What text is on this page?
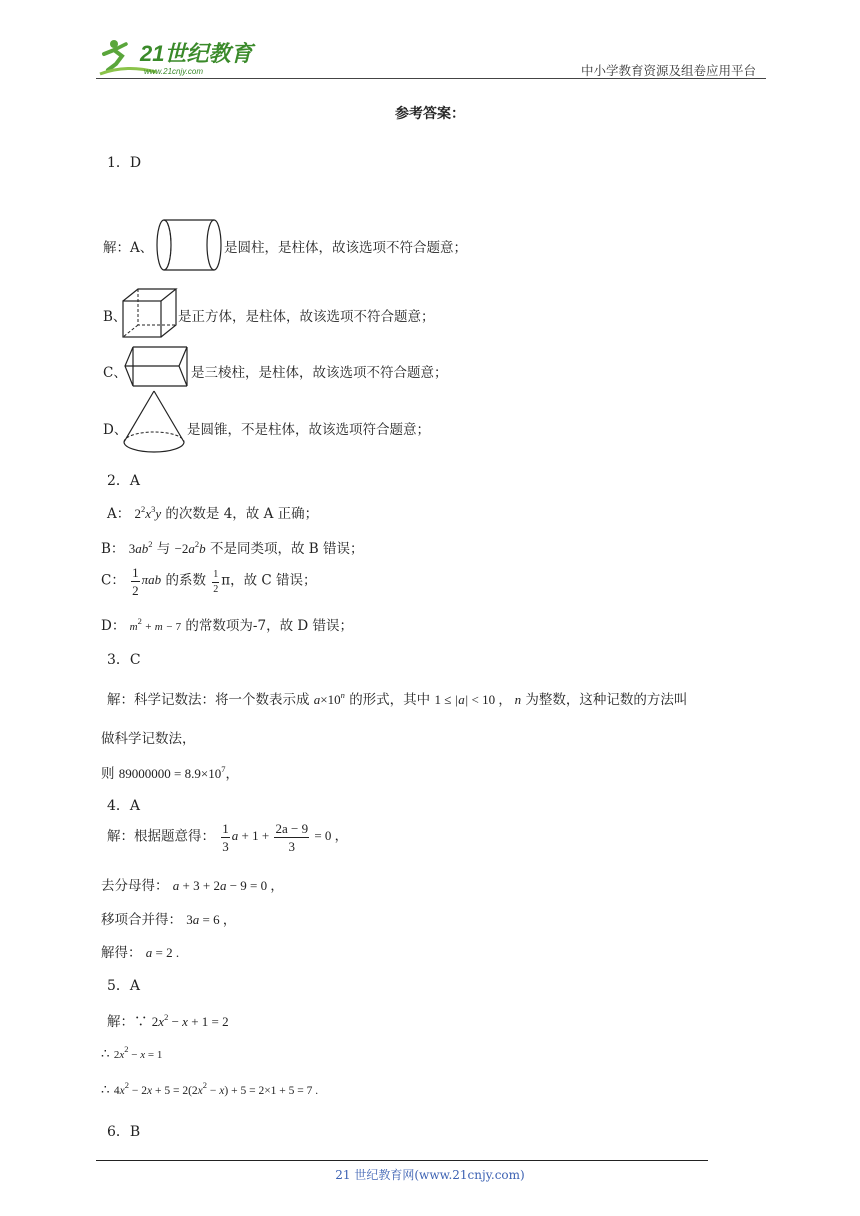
21世纪教育
www.21cnjy.com	中小学教育资源及组卷应用平台
参考答案：
1．D
解：A、	是圆柱，是柱体，故该选项不符合题意；
B、	是正方体，是柱体，故该选项不符合题意；
C、	是三棱柱，是柱体，故该选项不符合题意；
D、	是圆锥，不是柱体，故该选项符合题意；
2．A
A： $2^2x^3y$ 的次数是 4，故 A 正确；
B： $3ab^2$ 与 $-2a^2b$ 不是同类项，故 B 错误；
C： $\frac{1}{2}$ πab 的系数 $\frac{1}{2}$ π，故 C 错误；
D： $m^2 + m - 7$ 的常数项为-7，故 D 错误；
3．C
解：科学记数法：将一个数表示成 $a\times 10^n$ 的形式，其中 1 ≤ |a| < 10 ， n 为整数，这种记数的方法叫
做科学记数法，
则 $89000000 = 8.9\times 10^7$，
4．A
解：根据题意得： $\frac{1}{3}$ $a + 1 + \frac{2a - 9}{3} = 0$ ，
去分母得： a + 3 + 2a − 9 = 0 ，
移项合并得： 3a = 6 ，
解得： a = 2 .
5．A
解：∵ $2x^2 - x + 1 = 2$
∴ $2x^2 - x = 1$
∴ $4x^2 - 2x + 5 = 2(2x^2 - x) + 5 = 2\times 1 + 5 = 7$ .
6．B
21 世纪教育网(www.21cnjy.com)
